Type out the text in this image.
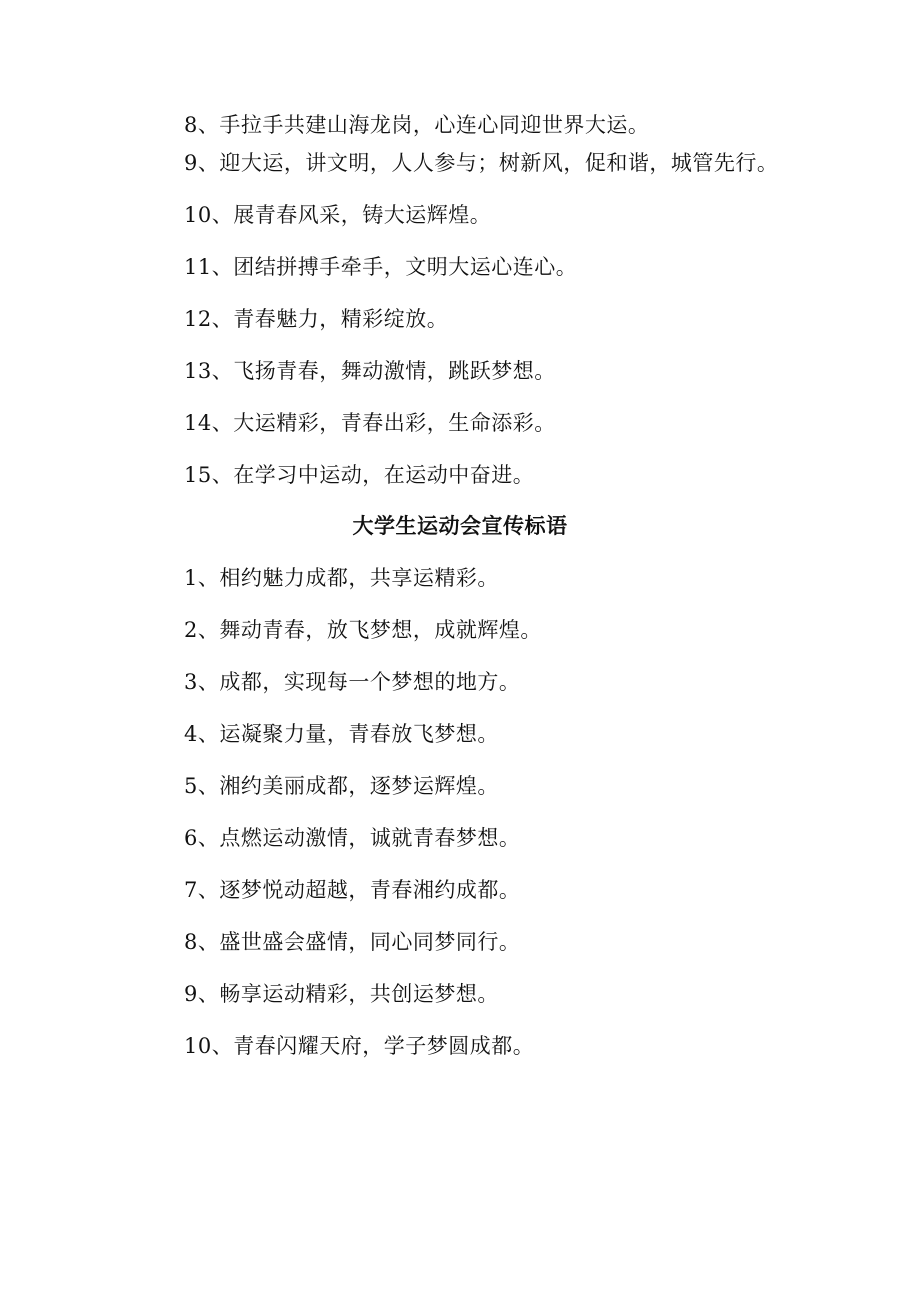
8、手拉手共建山海龙岗，心连心同迎世界大运。
9、迎大运，讲文明，人人参与；树新风，促和谐，城管先行。
10、展青春风采，铸大运辉煌。
11、团结拼搏手牵手，文明大运心连心。
12、青春魅力，精彩绽放。
13、飞扬青春，舞动激情，跳跃梦想。
14、大运精彩，青春出彩，生命添彩。
15、在学习中运动，在运动中奋进。
大学生运动会宣传标语
1、相约魅力成都，共享运精彩。
2、舞动青春，放飞梦想，成就辉煌。
3、成都，实现每一个梦想的地方。
4、运凝聚力量，青春放飞梦想。
5、湘约美丽成都，逐梦运辉煌。
6、点燃运动激情，诚就青春梦想。
7、逐梦悦动超越，青春湘约成都。
8、盛世盛会盛情，同心同梦同行。
9、畅享运动精彩，共创运梦想。
10、青春闪耀天府，学子梦圆成都。
